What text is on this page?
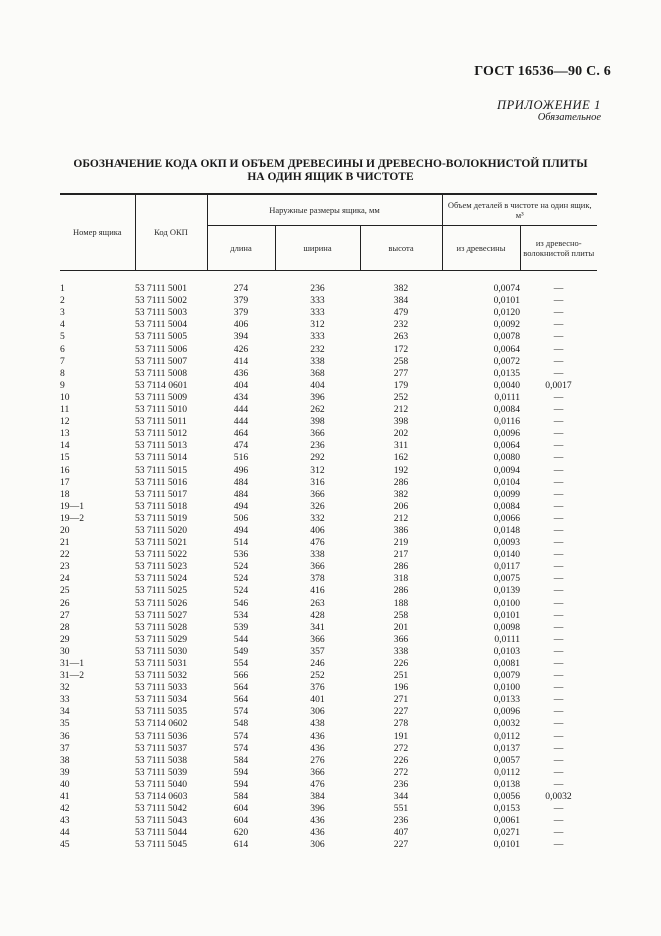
ГОСТ 16536—90 С. 6
ПРИЛОЖЕНИЕ 1
Обязательное
ОБОЗНАЧЕНИЕ КОДА ОКП И ОБЪЕМ ДРЕВЕСИНЫ И ДРЕВЕСНО-ВОЛОКНИСТОЙ ПЛИТЫ
НА ОДИН ЯЩИК В ЧИСТОТЕ
Номер ящика	Код ОКП	Наружные размеры ящика, мм			Объем деталей в чистоте на один ящик, м³	
		длина	ширина	высота	из древесины	из древесно-волокнистой плиты

1	53 7111 5001	274	236	382	0,0074	—
2	53 7111 5002	379	333	384	0,0101	—
3	53 7111 5003	379	333	479	0,0120	—
4	53 7111 5004	406	312	232	0,0092	—
5	53 7111 5005	394	333	263	0,0078	—
6	53 7111 5006	426	232	172	0,0064	—
7	53 7111 5007	414	338	258	0,0072	—
8	53 7111 5008	436	368	277	0,0135	—
9	53 7114 0601	404	404	179	0,0040	0,0017
10	53 7111 5009	434	396	252	0,0111	—
11	53 7111 5010	444	262	212	0,0084	—
12	53 7111 5011	444	398	398	0,0116	—
13	53 7111 5012	464	366	202	0,0096	—
14	53 7111 5013	474	236	311	0,0064	—
15	53 7111 5014	516	292	162	0,0080	—
16	53 7111 5015	496	312	192	0,0094	—
17	53 7111 5016	484	316	286	0,0104	—
18	53 7111 5017	484	366	382	0,0099	—
19—1	53 7111 5018	494	326	206	0,0084	—
19—2	53 7111 5019	506	332	212	0,0066	—
20	53 7111 5020	494	406	386	0,0148	—
21	53 7111 5021	514	476	219	0,0093	—
22	53 7111 5022	536	338	217	0,0140	—
23	53 7111 5023	524	366	286	0,0117	—
24	53 7111 5024	524	378	318	0,0075	—
25	53 7111 5025	524	416	286	0,0139	—
26	53 7111 5026	546	263	188	0,0100	—
27	53 7111 5027	534	428	258	0,0101	—
28	53 7111 5028	539	341	201	0,0098	—
29	53 7111 5029	544	366	366	0,0111	—
30	53 7111 5030	549	357	338	0,0103	—
31—1	53 7111 5031	554	246	226	0,0081	—
31—2	53 7111 5032	566	252	251	0,0079	—
32	53 7111 5033	564	376	196	0,0100	—
33	53 7111 5034	564	401	271	0,0133	—
34	53 7111 5035	574	306	227	0,0096	—
35	53 7114 0602	548	438	278	0,0032	—
36	53 7111 5036	574	436	191	0,0112	—
37	53 7111 5037	574	436	272	0,0137	—
38	53 7111 5038	584	276	226	0,0057	—
39	53 7111 5039	594	366	272	0,0112	—
40	53 7111 5040	594	476	236	0,0138	—
41	53 7114 0603	584	384	344	0,0056	0,0032
42	53 7111 5042	604	396	551	0,0153	—
43	53 7111 5043	604	436	236	0,0061	—
44	53 7111 5044	620	436	407	0,0271	—
45	53 7111 5045	614	306	227	0,0101	—
